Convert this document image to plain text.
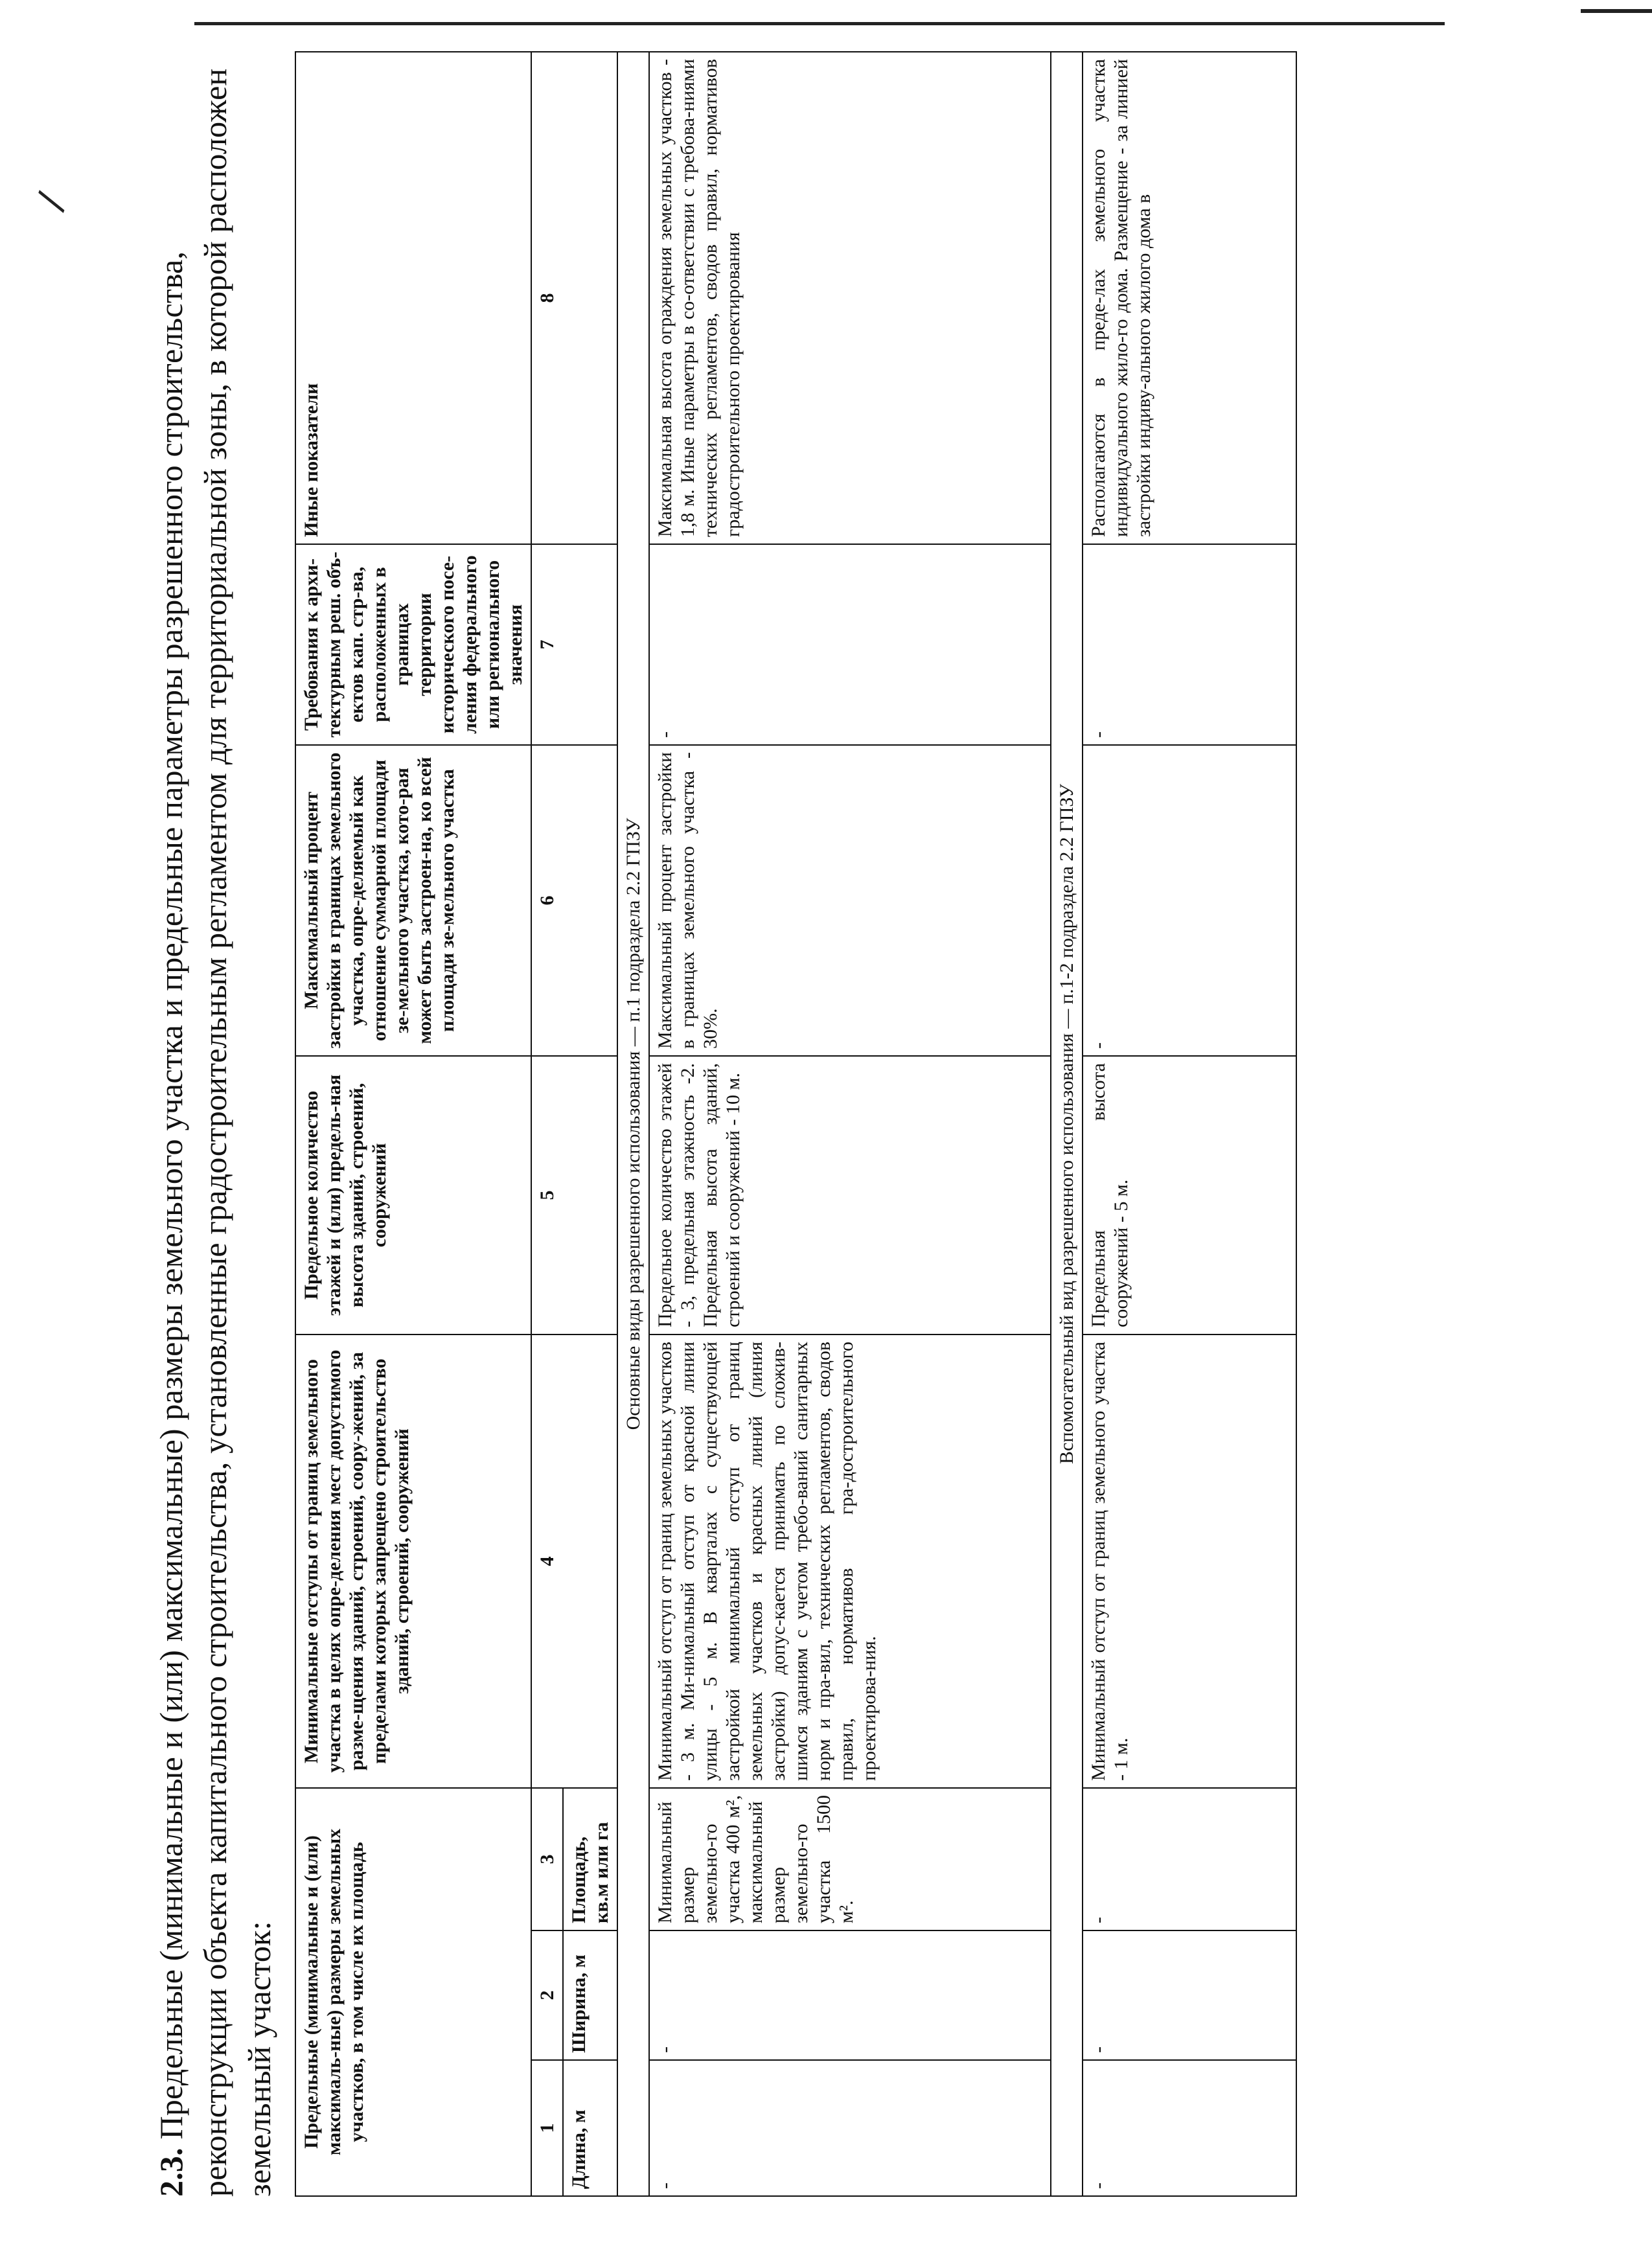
/
2.3. Предельные (минимальные и (или) максимальные) размеры земельного участка и предельные параметры разрешенного строительства, реконструкции объекта капитального строительства, установленные градостроительным регламентом для территориальной зоны, в которой расположен земельный участок: Предельные (минимальные и (или) максималь-ные) размеры земельных участков, в том числе их площадь			Минимальные отступы от границ земельного участка в целях опре-деления мест допустимого разме-щения зданий, строений, соору-жений, за пределами которых запрещено строительство зданий, строений, сооружений	Предельное количество этажей и (или) предель-ная высота зданий, строений, сооружений	Максимальный процент застройки в границах земельного участка, опре-деляемый как отношение суммарной площади зе-мельного участка, кото-рая может быть застроен-на, ко всей площади зе-мельного участка	Требования к архи-тектурным реш. объ-ектов кап. стр-ва, расположенных в границах территории исторического посе-ления федерального или регионального значения	Иные показатели
1	2	3	4	5	6	7	8
Длина, м	Ширина, м	Площадь, кв.м или га					
Основные виды разрешенного использования — п.1 подраздела 2.2 ГПЗУ							
-	-	Минимальный размер земельно-го участка 400 м², максимальный размер земельно-го участка 1500 м².	Минимальный отступ от границ земельных участков - 3 м. Ми-нимальный отступ от красной линии улицы - 5 м. В кварталах с существующей застройкой минимальный отступ от границ земельных участков и красных линий (линия застройки) допус-кается принимать по сложив-шимся зданиям с учетом требо-ваний санитарных норм и пра-вил, технических регламентов, сводов правил, нормативов гра-достроительного проектирова-ния.	Предельное количество этажей - 3, предельная этажность -2. Предельная высота зданий, строений и сооружений - 10 м.	Максимальный процент застройки в границах земельного участка - 30%.	-	Максимальная высота ограждения земельных участков - 1,8 м. Иные параметры в со-ответствии с требова-ниями технических регламентов, сводов правил, нормативов градостроительного проектирования
Вспомогательный вид разрешенного использования — п.1-2 подраздела 2.2 ГПЗУ							
-	-	-	Минимальный отступ от границ земельного участка - 1 м.	Предельная высота сооружений - 5 м.	-	-	Располагаются в преде-лах земельного участка индивидуального жило-го дома. Размещение - за линией застройки индиву-ального жилого дома в
